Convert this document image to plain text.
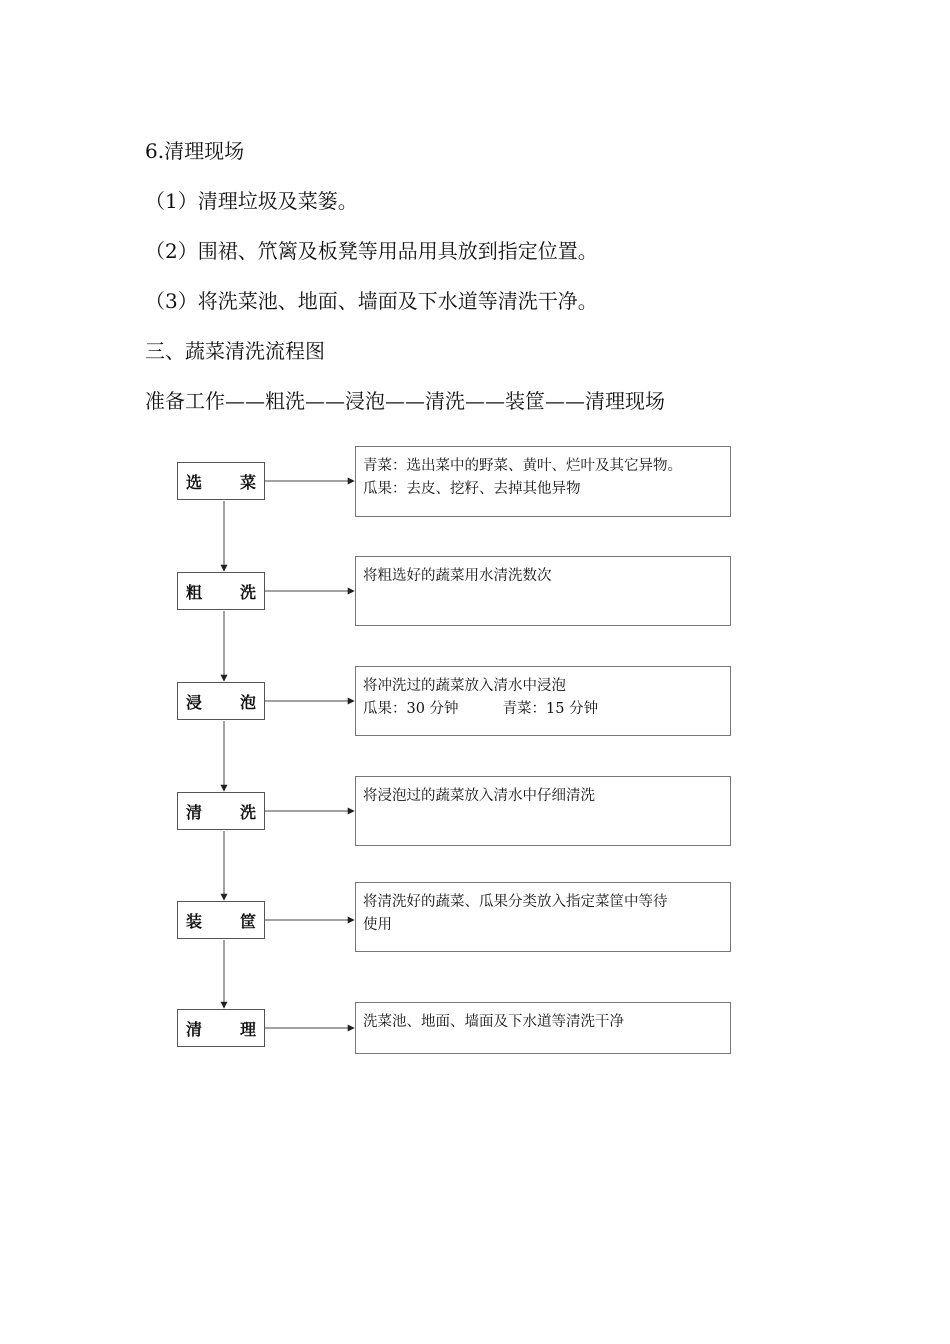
6.清理现场

（1）清理垃圾及菜篓。

（2）围裙、笊篱及板凳等用品用具放到指定位置。

（3）将洗菜池、地面、墙面及下水道等清洗干净。

三、蔬菜清洗流程图

准备工作——粗洗——浸泡——清洗——装筐——清理现场

选 菜
青菜：选出菜中的野菜、黄叶、烂叶及其它异物。
瓜果：去皮、挖籽、去掉其他异物
粗 洗
将粗选好的蔬菜用水清洗数次
浸 泡
将冲洗过的蔬菜放入清水中浸泡
瓜果：30 分钟	青菜：15 分钟
清 洗
将浸泡过的蔬菜放入清水中仔细清洗
装 筐
将清洗好的蔬菜、瓜果分类放入指定菜筐中等待
使用
清 理	洗菜池、地面、墙面及下水道等清洗干净
